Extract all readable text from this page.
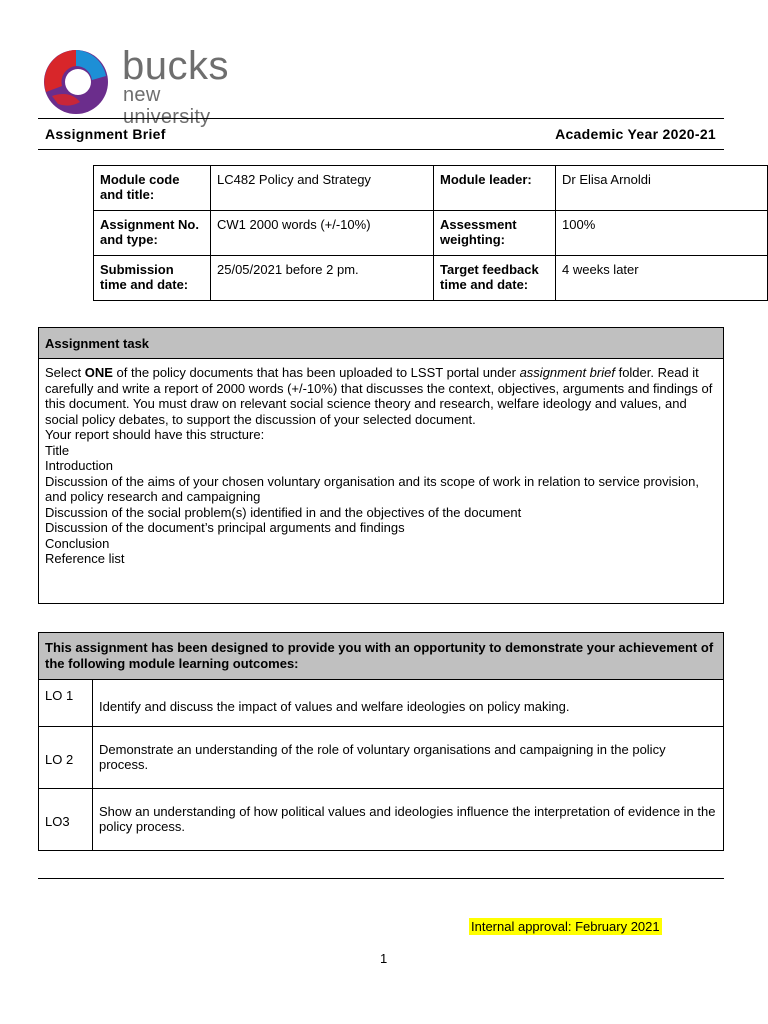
bucks
new university
Assignment Brief	Academic Year 2020-21
Module code and title:	LC482 Policy and Strategy	Module leader:	Dr Elisa Arnoldi
Assignment No. and type:	CW1 2000 words (+/-10%)	Assessment weighting:	100%
Submission time and date:	25/05/2021 before 2 pm.	Target feedback time and date:	4 weeks later
Assignment task
Select ONE of the policy documents that has been uploaded to LSST portal under assignment brief folder. Read it carefully and write a report of 2000 words (+/-10%) that discusses the context, objectives, arguments and findings of this document. You must draw on relevant social science theory and research, welfare ideology and values, and social policy debates, to support the discussion of your selected document.
Your report should have this structure:
Title
Introduction
Discussion of the aims of your chosen voluntary organisation and its scope of work in relation to service provision, and policy research and campaigning
Discussion of the social problem(s) identified in and the objectives of the document
Discussion of the document’s principal arguments and findings
Conclusion
Reference list
This assignment has been designed to provide you with an opportunity to demonstrate your achievement of the following module learning outcomes:
LO 1	Identify and discuss the impact of values and welfare ideologies on policy making.
LO 2	Demonstrate an understanding of the role of voluntary organisations and campaigning in the policy process.
LO3	Show an understanding of how political values and ideologies influence the interpretation of evidence in the policy process.
Internal approval: February 2021
1
